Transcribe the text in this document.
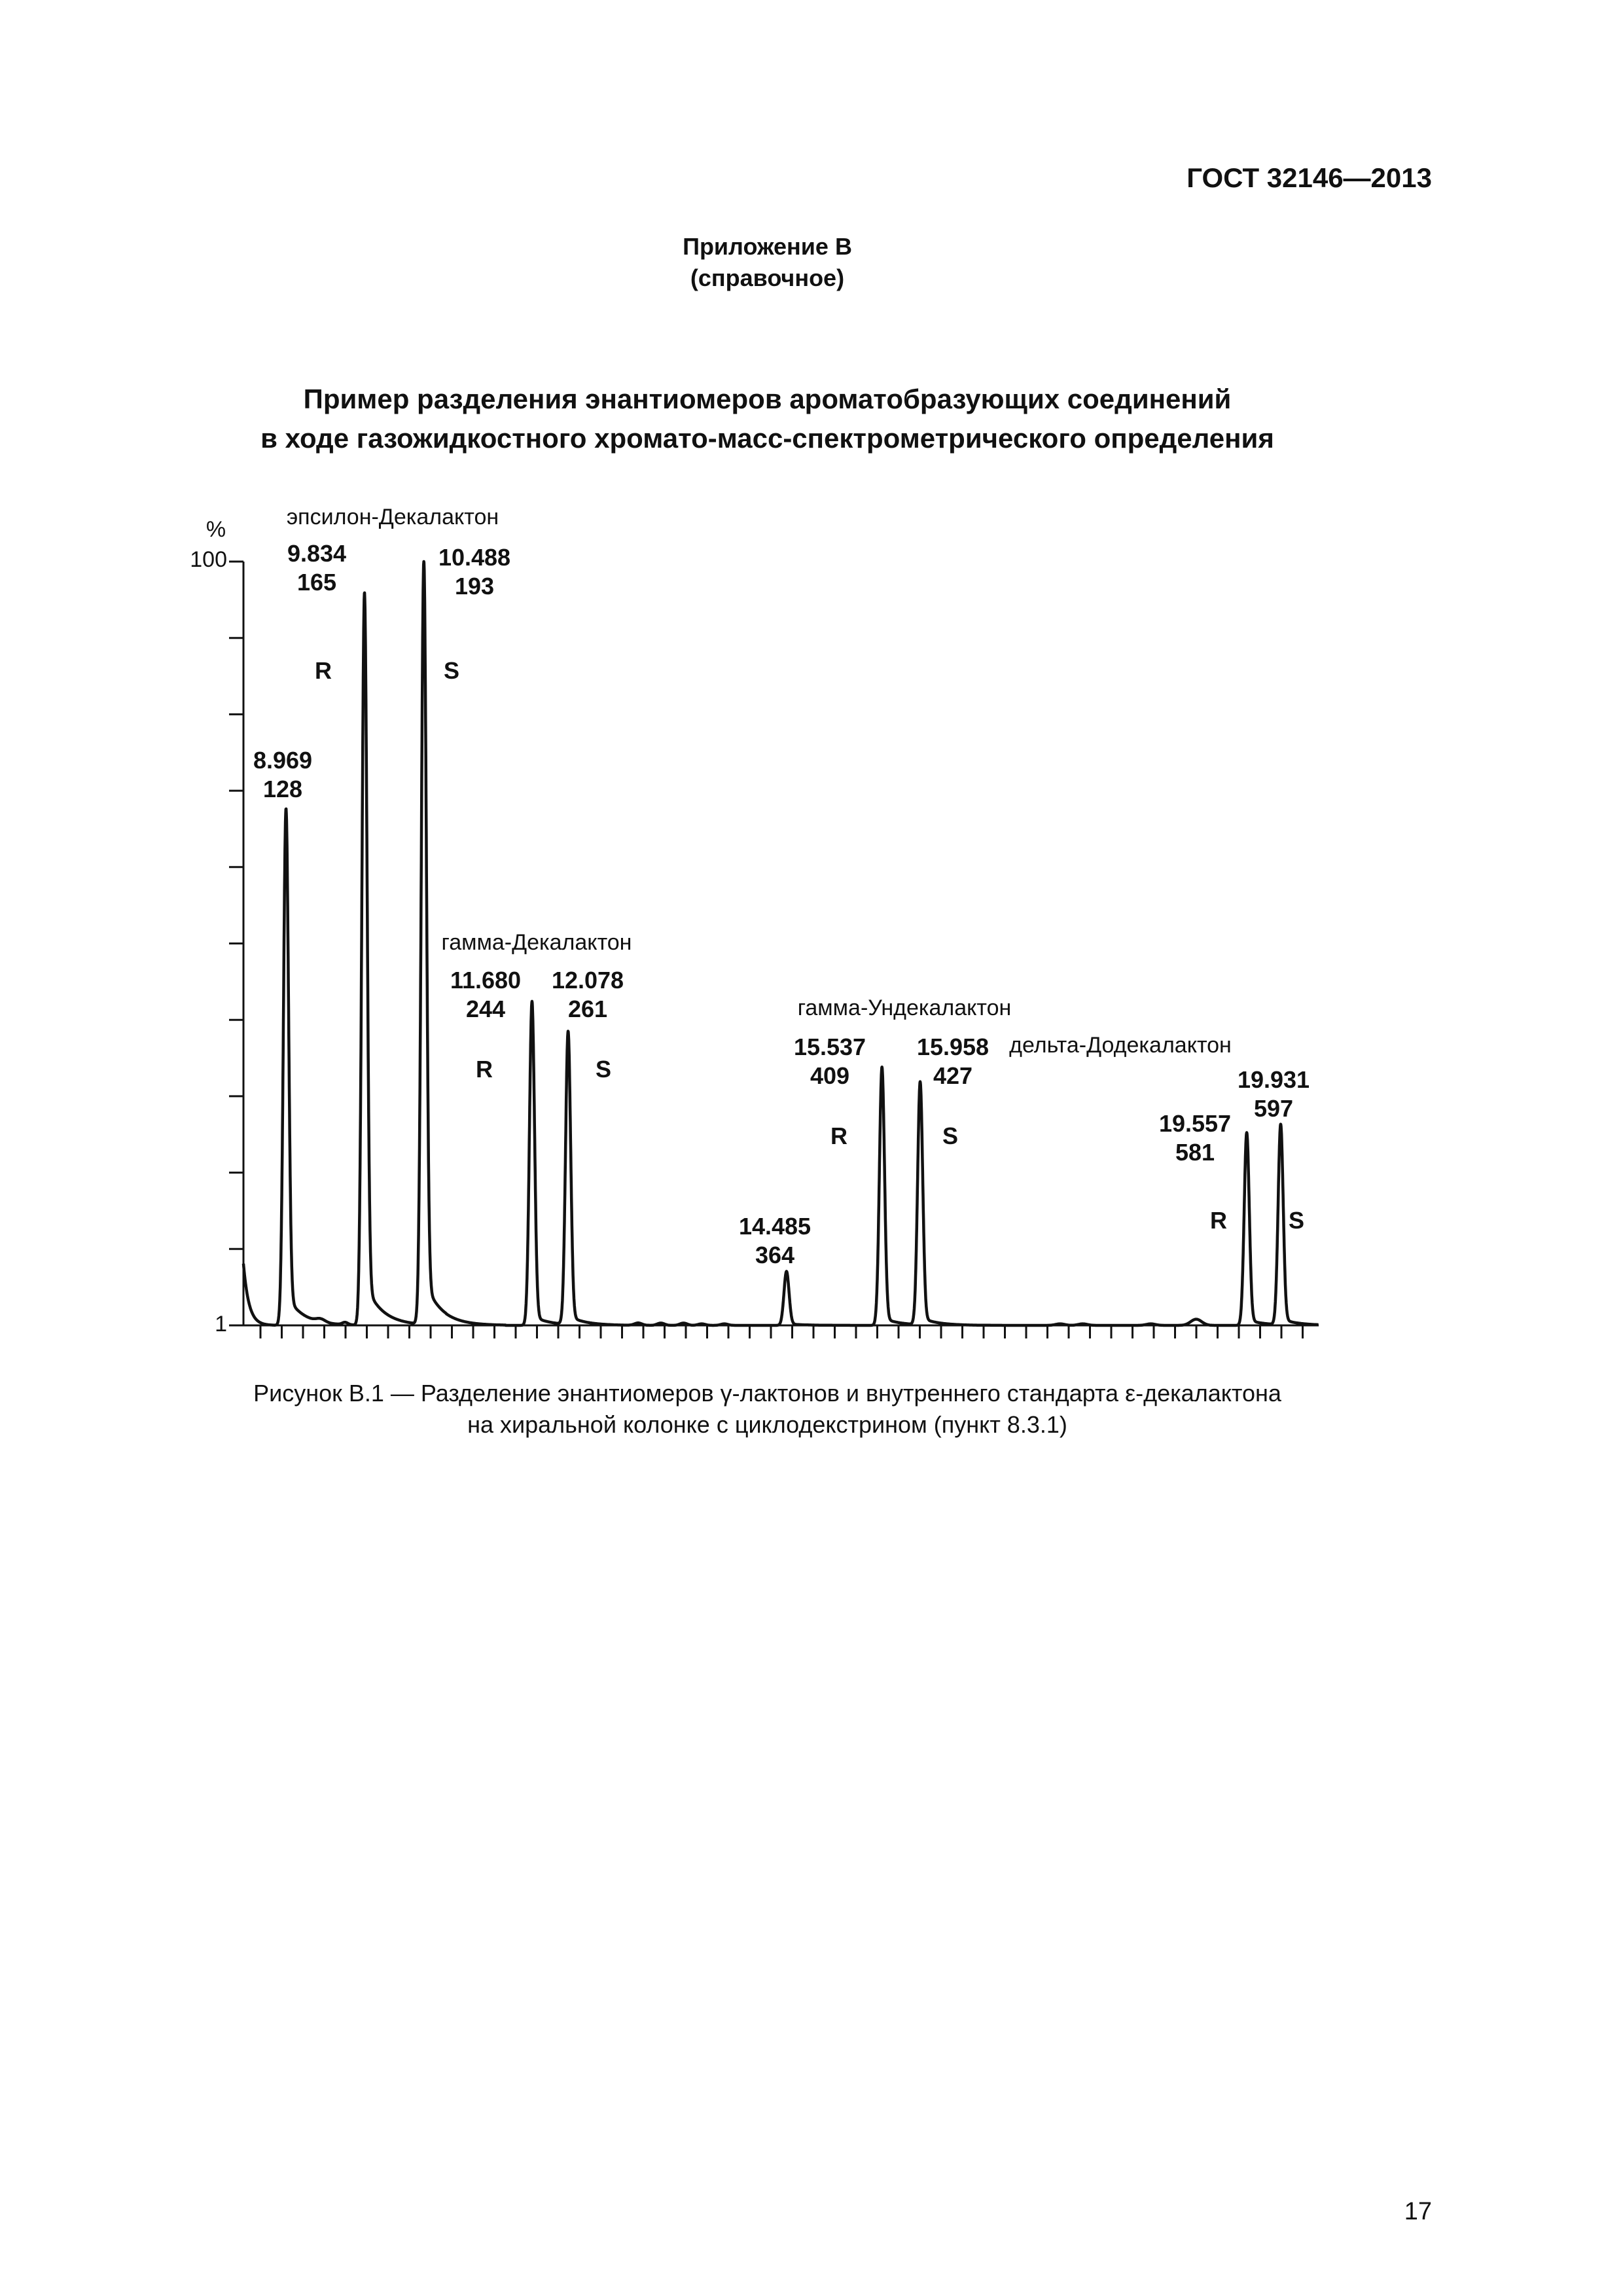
ГОСТ 32146—2013
Приложение В
(справочное)
Пример разделения энантиомеров ароматобразующих соединений
в ходе газожидкостного хромато-масс-спектрометрического определения
%
100
1
эпсилон-Декалактон
гамма-Декалактон
гамма-Ундекалактон
дельта-Додекалактон
8.969
128
9.834
165
R
10.488
193
S
11.680
244
R
12.078
261
S
14.485
364
15.537
409
R
15.958
427
S	19.557
581
R
19.931
597
S
Рисунок В.1 — Разделение энантиомеров γ-лактонов и внутреннего стандарта ε-декалактона
на хиральной колонке с циклодекстрином (пункт 8.3.1)
17
